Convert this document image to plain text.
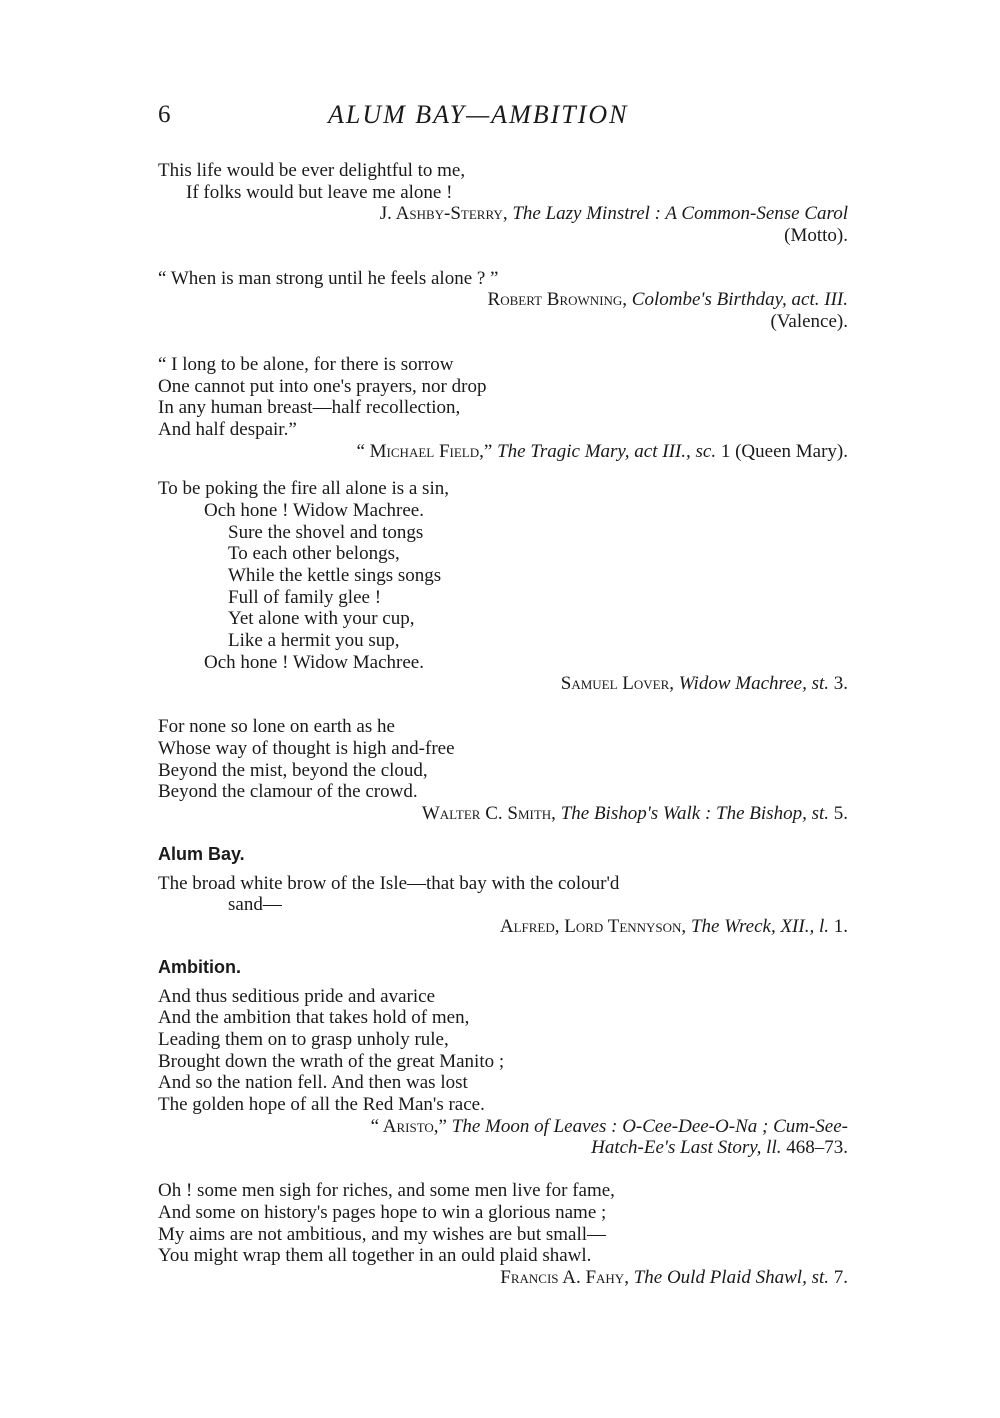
6	ALUM BAY—AMBITION
This life would be ever delightful to me,
If folks would but leave me alone !
J. Ashby-Sterry, The Lazy Minstrel : A Common-Sense Carol
(Motto).
“ When is man strong until he feels alone ? ”
Robert Browning, Colombe's Birthday, act. III.
(Valence).
“ I long to be alone, for there is sorrow
One cannot put into one's prayers, nor drop
In any human breast—half recollection,
And half despair.”
“ Michael Field,” The Tragic Mary, act III., sc. 1 (Queen Mary).
To be poking the fire all alone is a sin,
Och hone ! Widow Machree.
Sure the shovel and tongs
To each other belongs,
While the kettle sings songs
Full of family glee !
Yet alone with your cup,
Like a hermit you sup,
Och hone ! Widow Machree.
Samuel Lover, Widow Machree, st. 3.
For none so lone on earth as he
Whose way of thought is high and-free
Beyond the mist, beyond the cloud,
Beyond the clamour of the crowd.
Walter C. Smith, The Bishop's Walk : The Bishop, st. 5.
Alum Bay.
The broad white brow of the Isle—that bay with the colour'd
sand—
Alfred, Lord Tennyson, The Wreck, XII., l. 1.
Ambition.
And thus seditious pride and avarice
And the ambition that takes hold of men,
Leading them on to grasp unholy rule,
Brought down the wrath of the great Manito ;
And so the nation fell. And then was lost
The golden hope of all the Red Man's race.
“ Aristo,” The Moon of Leaves : O-Cee-Dee-O-Na ; Cum-See-
Hatch-Ee's Last Story, ll. 468–73.
Oh ! some men sigh for riches, and some men live for fame,
And some on history's pages hope to win a glorious name ;
My aims are not ambitious, and my wishes are but small—
You might wrap them all together in an ould plaid shawl.
Francis A. Fahy, The Ould Plaid Shawl, st. 7.
